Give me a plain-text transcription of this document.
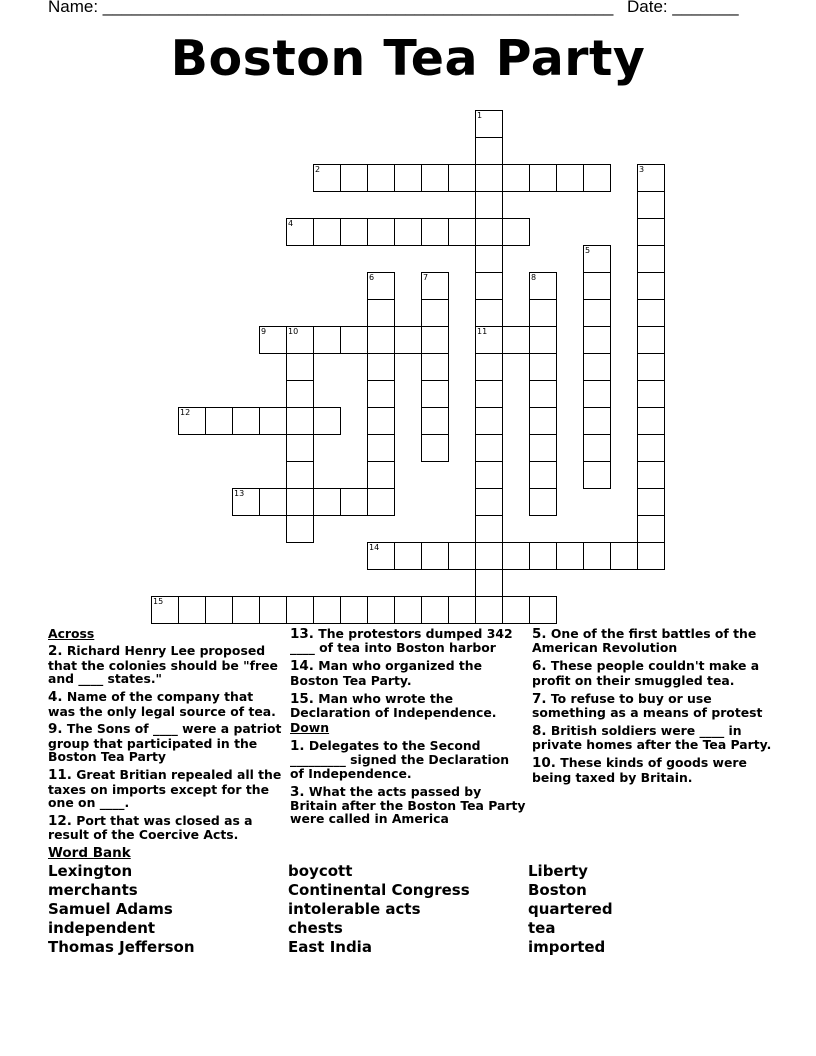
Name: ______________________________________________________ Date: _______
Boston Tea Party
1
11
2	3
4
5
6	7	8
9	10
12
13
14
15
Across
2. Richard Henry Lee proposed that the colonies should be "free and ____ states."
4. Name of the company that was the only legal source of tea.
9. The Sons of ____ were a patriot group that participated in the Boston Tea Party
11. Great Britian repealed all the taxes on imports except for the one on ____.
12. Port that was closed as a result of the Coercive Acts.
13. The protestors dumped 342 ____ of tea into Boston harbor
14. Man who organized the Boston Tea Party.
15. Man who wrote the Declaration of Independence.
Down
1. Delegates to the Second _________ signed the Declaration of Independence.
3. What the acts passed by Britain after the Boston Tea Party were called in America
5. One of the first battles of the American Revolution
6. These people couldn't make a profit on their smuggled tea.
7. To refuse to buy or use something as a means of protest
8. British soldiers were ____ in private homes after the Tea Party.
10. These kinds of goods were being taxed by Britain.
Word Bank
Lexington
merchants
Samuel Adams
independent
Thomas Jefferson
boycott
Continental Congress
intolerable acts
chests
East India
Liberty
Boston
quartered
tea
imported
